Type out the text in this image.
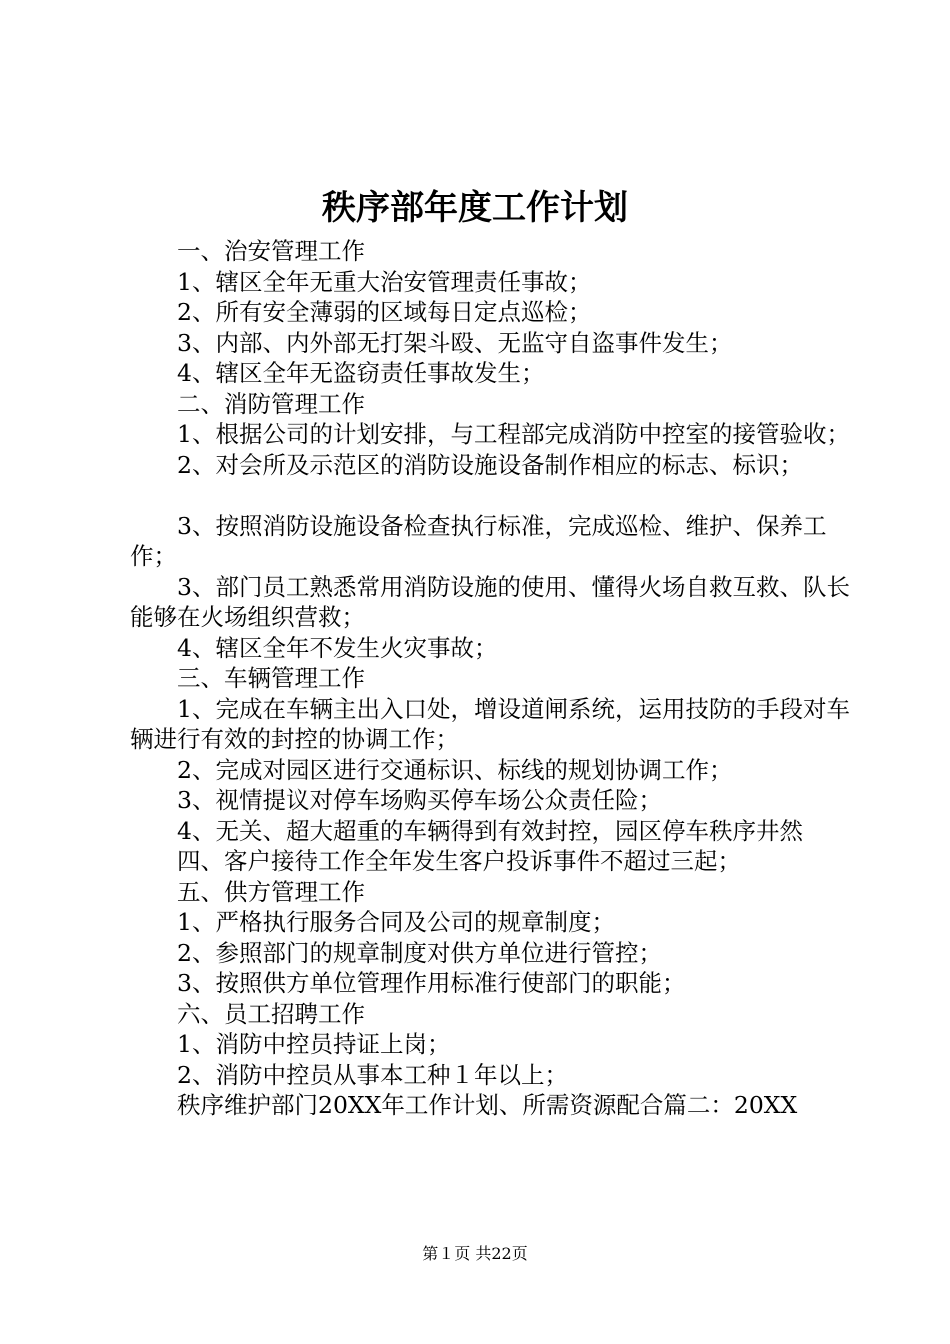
秩序部年度工作计划

一、治安管理工作

1、辖区全年无重大治安管理责任事故；

2、所有安全薄弱的区域每日定点巡检；

3、内部、内外部无打架斗殴、无监守自盗事件发生；

4、辖区全年无盗窃责任事故发生；

二、消防管理工作

1、根据公司的计划安排，与工程部完成消防中控室的接管验收；

2、对会所及示范区的消防设施设备制作相应的标志、标识；

3、按照消防设施设备检查执行标准，完成巡检、维护、保养工作；

3、部门员工熟悉常用消防设施的使用、懂得火场自救互救、队长能够在火场组织营救；

4、辖区全年不发生火灾事故；

三、车辆管理工作

1、完成在车辆主出入口处，增设道闸系统，运用技防的手段对车辆进行有效的封控的协调工作；

2、完成对园区进行交通标识、标线的规划协调工作；

3、视情提议对停车场购买停车场公众责任险；

4、无关、超大超重的车辆得到有效封控，园区停车秩序井然

四、客户接待工作全年发生客户投诉事件不超过三起；

五、供方管理工作

1、严格执行服务合同及公司的规章制度；

2、参照部门的规章制度对供方单位进行管控；

3、按照供方单位管理作用标准行使部门的职能；

六、员工招聘工作

1、消防中控员持证上岗；

2、消防中控员从事本工种１年以上；

秩序维护部门20XX年工作计划、所需资源配合篇二：20XX

第１页 共22页
